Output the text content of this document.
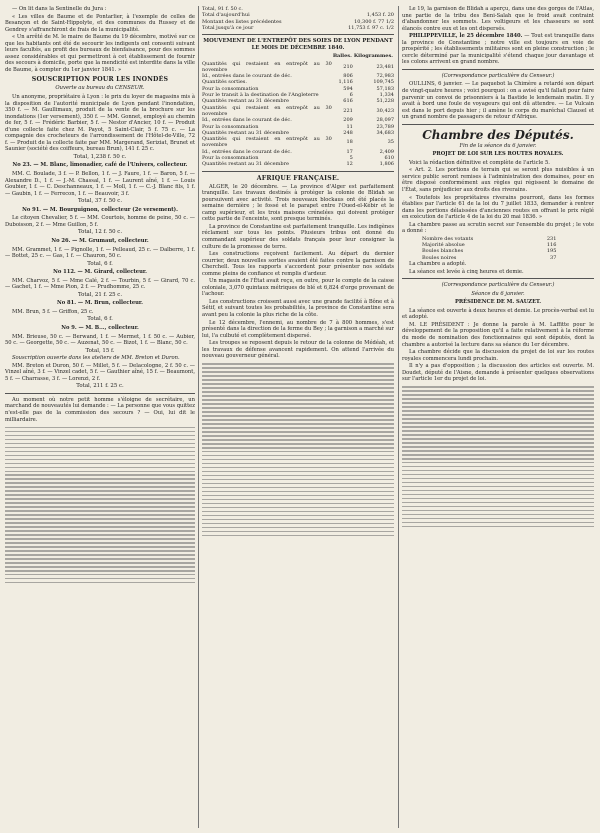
— On lit dans la Sentinelle du Jura :

« Les villes de Baume et de Pontarlier, à l'exemple de celles de Besançon et de Saint-Hippolyte, et des communes du Russey et de Gendrey s'affranchiront de frais de la municipalité.

« Un arrêté de M. le maire de Baume du 19 décembre, motivé sur ce que les habitants ont été de secourir les indigents ont consenti suivant leurs facultés, au profit des bureaux de bienfaisance, pour des sommes assez considérables et qui permettront à cet établissement de fournir des secours à domicile, porte que la mendicité est interdite dans la ville de Baume, à compter du 1er janvier 1841. »

SOUSCRIPTION POUR LES INONDÉS
Ouverte au bureau du CENSEUR.

Un anonyme, propriétaire à Lyon : le prix du loyer de magasins mis à la disposition de l'autorité municipale de Lyon pendant l'inondation, 350 f. — M. Gaullimaux, produit de la vente de la brochure sur les inondations (1er versement), 350 f. — MM. Gonnet, employé au chemin de fer, 5 f. — Frédéric Barbier, 5 f. — Nestor d'Ancier, 10 f. — Produit d'une collecte faite chez M. Payot, 5 Saint-Clair, 5 f. 75 c. — La compagnie des crocheteurs de l'arrondissement de l'Hôtel-de-Ville, 72 f. — Produit de la collecte faite par MM. Margerand, Seriziat, Brunet et Saunier (société des coiffeurs, bureau Brun), 141 f. 25 c.

Total, 1,238 f. 50 c.
No 23. — M. Blanc, limonadier, café de l'Univers, collecteur.

MM. C. Boulade, 3 f. — P. Bellon, 1 f. — J. Faure, 1 f. — Baron, 5 f. — Alexandre D., 1 f. — J.-M. Chassal, 1 f. — Laurent aîné, 1 f. — Louis Goubier, 1 f. — C. Deschanneaux, 1 f. — Moll, 1 f. — C.-J. Blanc fils, 1 f. — Gaubin, 1 f. — Ferrecon, 1 f. — Beauvoir, 3 f.

Total, 37 f. 50 c.
No 91. — M. Bourguignon, collecteur (2e versement).

Le citoyen Chevalier, 5 f. — MM. Courtois, homme de peine, 50 c. — Duboisson, 2 f. — Mme Guillon, 5 f.

Total, 12 f. 50 c.
No 26. — M. Grumaut, collecteur.

MM. Grammet, 1 f. — Pignolle, 1 f. — Pelleaud, 25 c. — Dalberre, 1 f. — Bottet, 25 c. — Gas, 1 f. — Chauron, 50 c.

Total, 6 f.
No 112. — M. Girard, collecteur.

MM. Charvoz, 5 f. — Mme Calé, 2 f. — Tourbin, 5 f. — Girard, 70 c. — Gachet, 1 f. — Mme Pion, 2 f. — Prudhomme, 25 c.

Total, 21 f. 25 c.
No 81. — M. Brun, collecteur.

MM. Brun, 5 f. — Griffon, 25 c.

Total, 6 f.
No 9. — M. B..., collecteur.

MM. Brieuse, 50 c. — Berwand, 1 f. — Mermet, 1 f. 50 c. — Aubier, 50 c. — Georgette, 50 c. — Auzenat, 50 c. — Bizot, 1 f. — Blanc, 50 c.

Total, 15 f.

Souscription ouverte dans les ateliers de MM. Breton et Duron.

MM. Breton et Duron, 50 f. — Millet, 5 f. — Delacologne, 2 f. 50 c. — Vinzel aîné, 3 f. — Vinzel cadet, 5 f. — Gauthier aîné, 15 f. — Beaumont, 5 f. — Charrasse, 3 f. — Lorenzi, 2 f.

Total, 211 f. 25 c.

Au moment où notre petit homme s'éloigne de secrétaire, un marchand de nouveautés lui demande : — La personne que vous quittez n'est-elle pas de la commission des secours ? — Oui, lui dit le milliardaire.

Total, 91 f. 50 c.	
Total d'aujourd'hui	1,453 f. 20
Montant des listes précédentes	10,300 f. 77 1/2
Total jusqu'à ce jour	11,753 f. 97 c. 1/2
MOUVEMENT DE L'ENTREPÔT DES SOIES DE LYON PENDANT LE MOIS DE DÉCEMBRE 1840.
	Balles.	Kilogrammes.
Quantités qui restaient en entrepôt au 30 novembre	210	23,481
Id., entrées dans le courant de déc.	806	72,983
Quantités sorties.	1,116	109,745
Pour la consommation	594	57,183
Pour le transit à la destination de l'Angleterre	6	1,334
Quantités restant au 31 décembre	616	51,228
Quantités qui restaient en entrepôt au 30 novembre	221	30,423
Id., entrées dans le courant de déc.	209	28,097
Pour la consommation	11	23,789
Quantités restant au 31 décembre	248	34,683
Quantités qui restaient en entrepôt au 30 novembre	18	35
Id., entrées dans le courant de déc.	17	2,409
Pour la consommation	5	610
Quantités restant au 31 décembre	12	1,806
AFRIQUE FRANÇAISE.

ALGER, le 20 décembre. — La province d'Alger est parfaitement tranquille. Les travaux destinés à protéger la colonie de Blidah se poursuivent avec activité. Trois nouveaux blockaus ont été placés la semaine dernière ; le fossé et le parapet entre l'Oued-el-Kébir et le camp supérieur, et les trois maisons crénelées qui doivent protéger cette partie de l'enceinte, sont presque terminés.

La province de Constantine est parfaitement tranquille. Les indigènes réclament sur tous les points. Plusieurs tribus ont donné du commandant supérieur des soldats français pour leur consigner la culture de la promesse de terre.

Les constructions reçoivent facilement. Au départ du dernier courrier, deux nouvelles sorties avaient été faites contre la garnison de Cherchell. Tous les rapports s'accordent pour présenter nos soldats comme pleins de confiance et remplis d'ardeur.

Un magasin de l'État avait reçu, en outre, pour le compte de la caisse coloniale, 3,070 quintaux métriques de blé et 6,824 d'orge provenant de l'achour.

Les constructions croissent aussi avec une grande facilité à Bône et à Sétif, et suivant toutes les probabilités, la province de Constantine sera avant peu la colonie la plus riche de la côte.

Le 12 décembre, l'ennemi, au nombre de 7 à 800 hommes, s'est présenté dans la direction de la ferme du Bey ; la garnison a marché sur lui, l'a culbuté et complètement dispersé.

Les troupes se reposent depuis le retour de la colonne de Médéah, et les travaux de défense avancent rapidement. On attend l'arrivée du nouveau gouverneur général.

Le 19, la garnison de Blidah a aperçu, dans une des gorges de l'Atlas, une partie de la tribu des Beni-Salah que le froid avait contraint d'abandonner les sommets. Les voltigeurs et les chasseurs se sont élancés contre eux et les ont dispersés.

PHILIPPEVILLE, le 25 décembre 1840. — Tout est tranquille dans la province de Constantine ; notre ville est toujours en voie de prospérité ; les établissements militaires sont en pleine construction ; le cercle déterminé par la municipalité s'étend chaque jour davantage et les colons arrivent en grand nombre.

(Correspondance particulière du Censeur.)

OULLINS, 6 janvier. — Le paquebot la Chimère a retardé son départ de vingt-quatre heures ; voici pourquoi : on a avisé qu'il fallait pour faire parvenir un convoi de prisonniers à la Bastide le lendemain matin. Il y avait à bord une foule de voyageurs qui ont dû attendre. — Le Vulcain est dans le port depuis hier ; il amène le corps du maréchal Clausel et un grand nombre de passagers de retour d'Afrique.

Chambre des Députés.
Fin de la séance du 6 janvier.
PROJET DE LOI SUR LES ROUTES ROYALES.

Voici la rédaction définitive et complète de l'article 5.

« Art. 2. Les portions de terrain qui se seront plus nuisibles à un service public seront remises à l'administration des domaines, pour en être disposé conformément aux règles qui régissent le domaine de l'État, sans préjudicier aux droits des riverains.

« Toutefois les propriétaires riverains pourront, dans les formes établies par l'article 61 de la loi du 7 juillet 1833, demander à rentrer dans les portions délaissées d'anciennes routes en offrant le prix réglé en exécution de l'article 4 de la loi du 20 mai 1836. »

La chambre passe au scrutin secret sur l'ensemble du projet ; le vote a donné :

Nombre des votants	231
Majorité absolue	116
Boules blanches	195
Boules noires	37

La chambre a adopté.

La séance est levée à cinq heures et demie.

(Correspondance particulière du Censeur.)
Séance du 6 janvier.
PRÉSIDENCE DE M. SAUZET.

La séance est ouverte à deux heures et demie. Le procès-verbal est lu et adopté.

M. LE PRÉSIDENT : Je donne la parole à M. Laffitte pour le développement de la proposition qu'il a faite relativement à la réforme du mode de nomination des fonctionnaires qui sont députés, dont la chambre a autorisé la lecture dans sa séance du 1er décembre.

La chambre décide que la discussion du projet de loi sur les routes royales commencera lundi prochain.

Il n'y a pas d'opposition ; la discussion des articles est ouverte. M. Doudet, député de l'Aisne, demande à présenter quelques observations sur l'article 1er du projet de loi.
